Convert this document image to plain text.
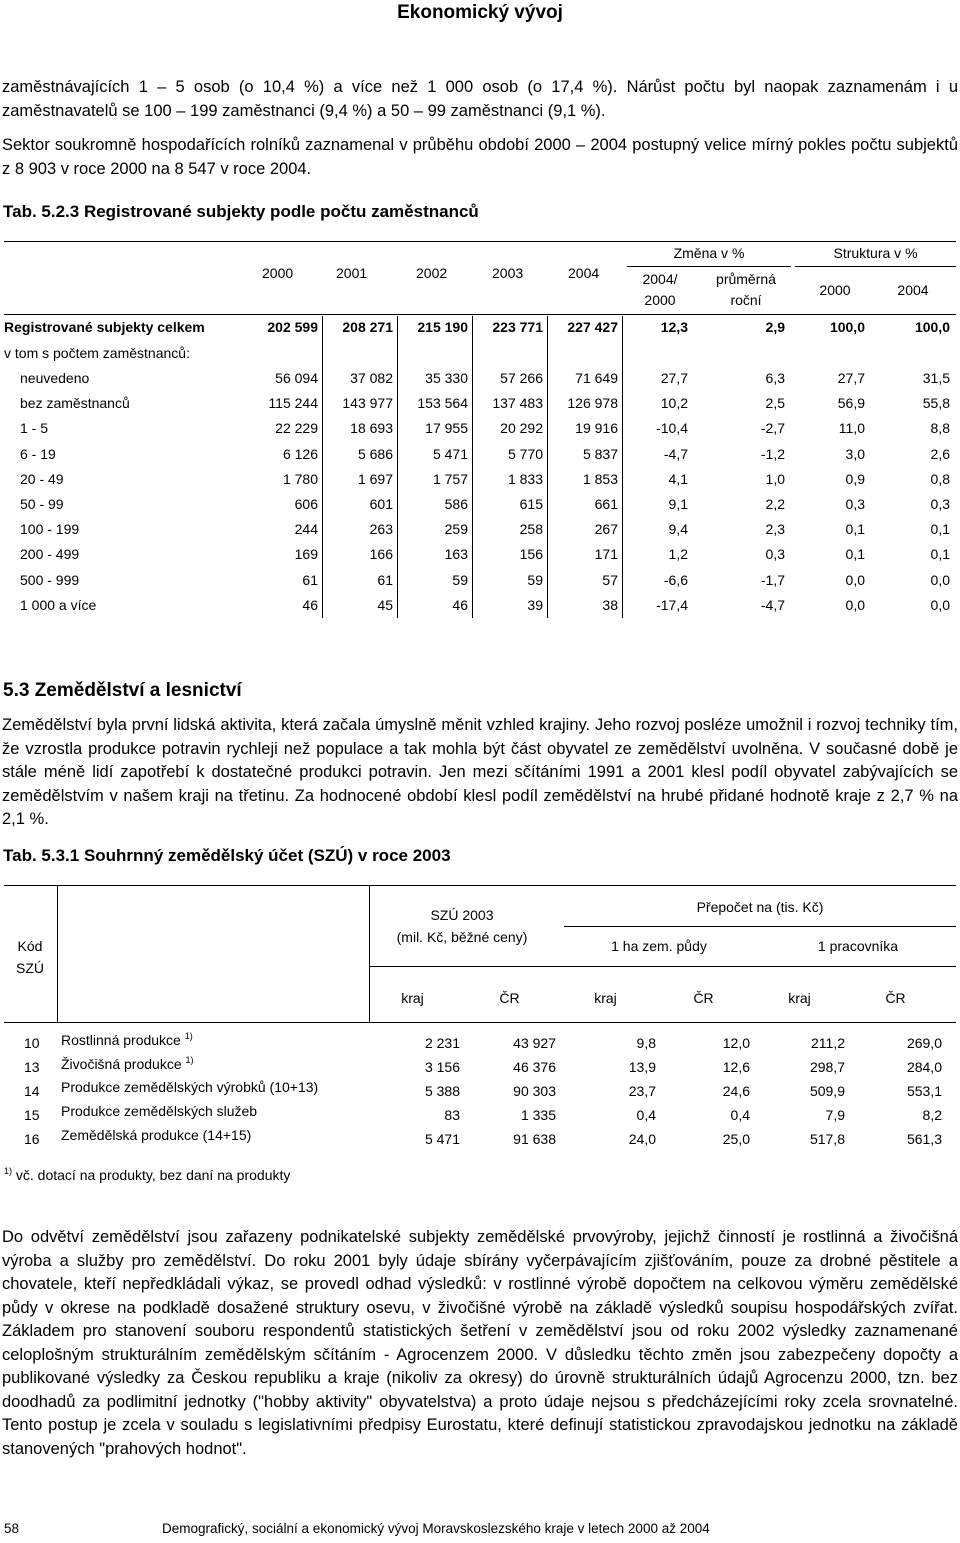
Ekonomický vývoj
zaměstnávajících 1 – 5 osob (o 10,4 %) a více než 1 000 osob (o 17,4 %). Nárůst počtu byl naopak zaznamenám i u zaměstnavatelů se 100 – 199 zaměstnanci (9,4 %) a 50 – 99 zaměstnanci (9,1 %).
Sektor soukromně hospodařících rolníků zaznamenal v průběhu období 2000 – 2004 postupný velice mírný pokles počtu subjektů z 8 903 v roce 2000 na 8 547 v roce 2004.
Tab. 5.2.3 Registrované subjekty podle počtu zaměstnanců
2000	2001	2002	2003	2004
Změna v %
2004/
2000
průměrná
roční
Struktura v %
2000	2004
Registrované subjekty celkem	202 599	208 271	215 190	223 771	227 427	12,3	2,9	100,0	100,0
v tom s počtem zaměstnanců:
neuvedeno	56 094	37 082	35 330	57 266	71 649	27,7	6,3	27,7	31,5
bez zaměstnanců	115 244	143 977	153 564	137 483	126 978	10,2	2,5	56,9	55,8
1 - 5	22 229	18 693	17 955	20 292	19 916	-10,4	-2,7	11,0	8,8
6 - 19	6 126	5 686	5 471	5 770	5 837	-4,7	-1,2	3,0	2,6
20 - 49	1 780	1 697	1 757	1 833	1 853	4,1	1,0	0,9	0,8
50 - 99	606	601	586	615	661	9,1	2,2	0,3	0,3
100 - 199	244	263	259	258	267	9,4	2,3	0,1	0,1
200 - 499	169	166	163	156	171	1,2	0,3	0,1	0,1
500 - 999	61	61	59	59	57	-6,6	-1,7	0,0	0,0
1 000 a více	46	45	46	39	38	-17,4	-4,7	0,0	0,0
5.3 Zemědělství a lesnictví
Zemědělství byla první lidská aktivita, která začala úmyslně měnit vzhled krajiny. Jeho rozvoj posléze umožnil i rozvoj techniky tím, že vzrostla produkce potravin rychleji než populace a tak mohla být část obyvatel ze zemědělství uvolněna. V současné době je stále méně lidí zapotřebí k dostatečné produkci potravin. Jen mezi sčítáními 1991 a 2001 klesl podíl obyvatel zabývajících se zemědělstvím v našem kraji na třetinu. Za hodnocené období klesl podíl zemědělství na hrubé přidané hodnotě kraje z 2,7 % na 2,1 %.
Tab. 5.3.1 Souhrnný zemědělský účet (SZÚ) v roce 2003
Kód
SZÚ
SZÚ 2003
(mil. Kč, běžné ceny)
Přepočet na (tis. Kč)
1 ha zem. půdy	1 pracovníka
kraj	ČR	kraj	ČR	kraj	ČR
10 Rostlinná produkce $^{1)}$	2 231	43 927	9,8	12,0	211,2	269,0
13 Živočišná produkce $^{1)}$	3 156	46 376	13,9	12,6	298,7	284,0
14 Produkce zemědělských výrobků (10+13)	5 388	90 303	23,7	24,6	509,9	553,1
15 Produkce zemědělských služeb	83	1 335	0,4	0,4	7,9	8,2
16 Zemědělská produkce (14+15)	5 471	91 638	24,0	25,0	517,8	561,3
$^{1)}$ vč. dotací na produkty, bez daní na produkty
Do odvětví zemědělství jsou zařazeny podnikatelské subjekty zemědělské prvovýroby, jejichž činností je rostlinná a živočišná výroba a služby pro zemědělství. Do roku 2001 byly údaje sbírány vyčerpávajícím zjišťováním, pouze za drobné pěstitele a chovatele, kteří nepředkládali výkaz, se provedl odhad výsledků: v rostlinné výrobě dopočtem na celkovou výměru zemědělské půdy v okrese na podkladě dosažené struktury osevu, v živočišné výrobě na základě výsledků soupisu hospodářských zvířat. Základem pro stanovení souboru respondentů statistických šetření v zemědělství jsou od roku 2002 výsledky zaznamenané celoplošným strukturálním zemědělským sčítáním - Agrocenzem 2000. V důsledku těchto změn jsou zabezpečeny dopočty a publikované výsledky za Českou republiku a kraje (nikoliv za okresy) do úrovně strukturálních údajů Agrocenzu 2000, tzn. bez doodhadů za podlimitní jednotky ("hobby aktivity" obyvatelstva) a proto údaje nejsou s předcházejícími roky zcela srovnatelné. Tento postup je zcela v souladu s legislativními předpisy Eurostatu, které definují statistickou zpravodajskou jednotku na základě stanovených "prahových hodnot".
58	Demografický, sociální a ekonomický vývoj Moravskoslezského kraje v letech 2000 až 2004
